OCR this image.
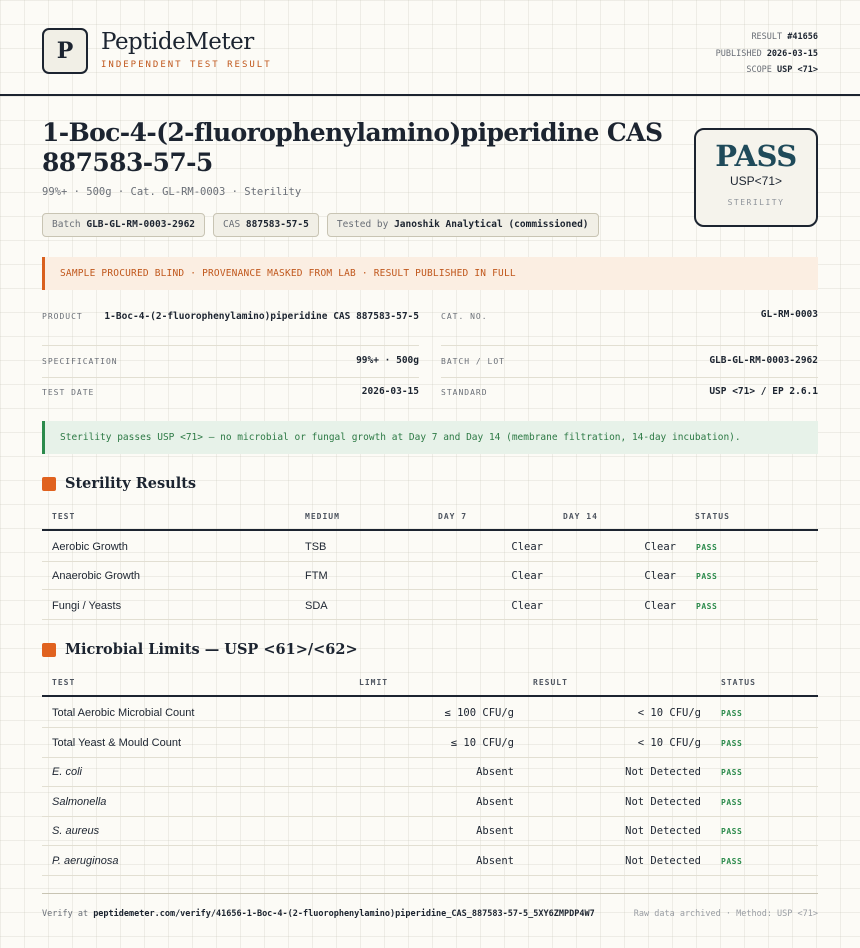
P PeptideMeter
INDEPENDENT TEST RESULT
RESULT #41656
PUBLISHED 2026-03-15
SCOPE USP <71>
1-Boc-4-(2-fluorophenylamino)piperidine CAS 887583-57-5
99%+ · 500g · Cat. GL-RM-0003 · Sterility
Batch GLB-GL-RM-0003-2962	CAS 887583-57-5	Tested by Janoshik Analytical (commissioned)
PASS
USP<71>
STERILITY
SAMPLE PROCURED BLIND · PROVENANCE MASKED FROM LAB · RESULT PUBLISHED IN FULL
PRODUCT	1-Boc-4-(2-fluorophenylamino)piperidine CAS 887583-57-5	CAT. NO.	GL-RM-0003
SPECIFICATION	99%+ · 500g	BATCH / LOT	GLB-GL-RM-0003-2962
TEST DATE	2026-03-15	STANDARD	USP <71> / EP 2.6.1
Sterility passes USP <71> — no microbial or fungal growth at Day 7 and Day 14 (membrane filtration, 14-day incubation).
Sterility Results
TEST	MEDIUM	DAY 7	DAY 14	STATUS
Aerobic Growth	TSB	Clear	Clear	PASS
Anaerobic Growth	FTM	Clear	Clear	PASS
Fungi / Yeasts	SDA	Clear	Clear	PASS
Microbial Limits — USP <61>/<62>
TEST	LIMIT	RESULT	STATUS
Total Aerobic Microbial Count	≤ 100 CFU/g	< 10 CFU/g	PASS
Total Yeast & Mould Count	≤ 10 CFU/g	< 10 CFU/g	PASS
E. coli	Absent	Not Detected	PASS
Salmonella	Absent	Not Detected	PASS
S. aureus	Absent	Not Detected	PASS
P. aeruginosa	Absent	Not Detected	PASS
Verify at peptidemeter.com/verify/41656-1-Boc-4-(2-fluorophenylamino)piperidine_CAS_887583-57-5_5XY6ZMPDP4W7	Raw data archived · Method: USP <71>
